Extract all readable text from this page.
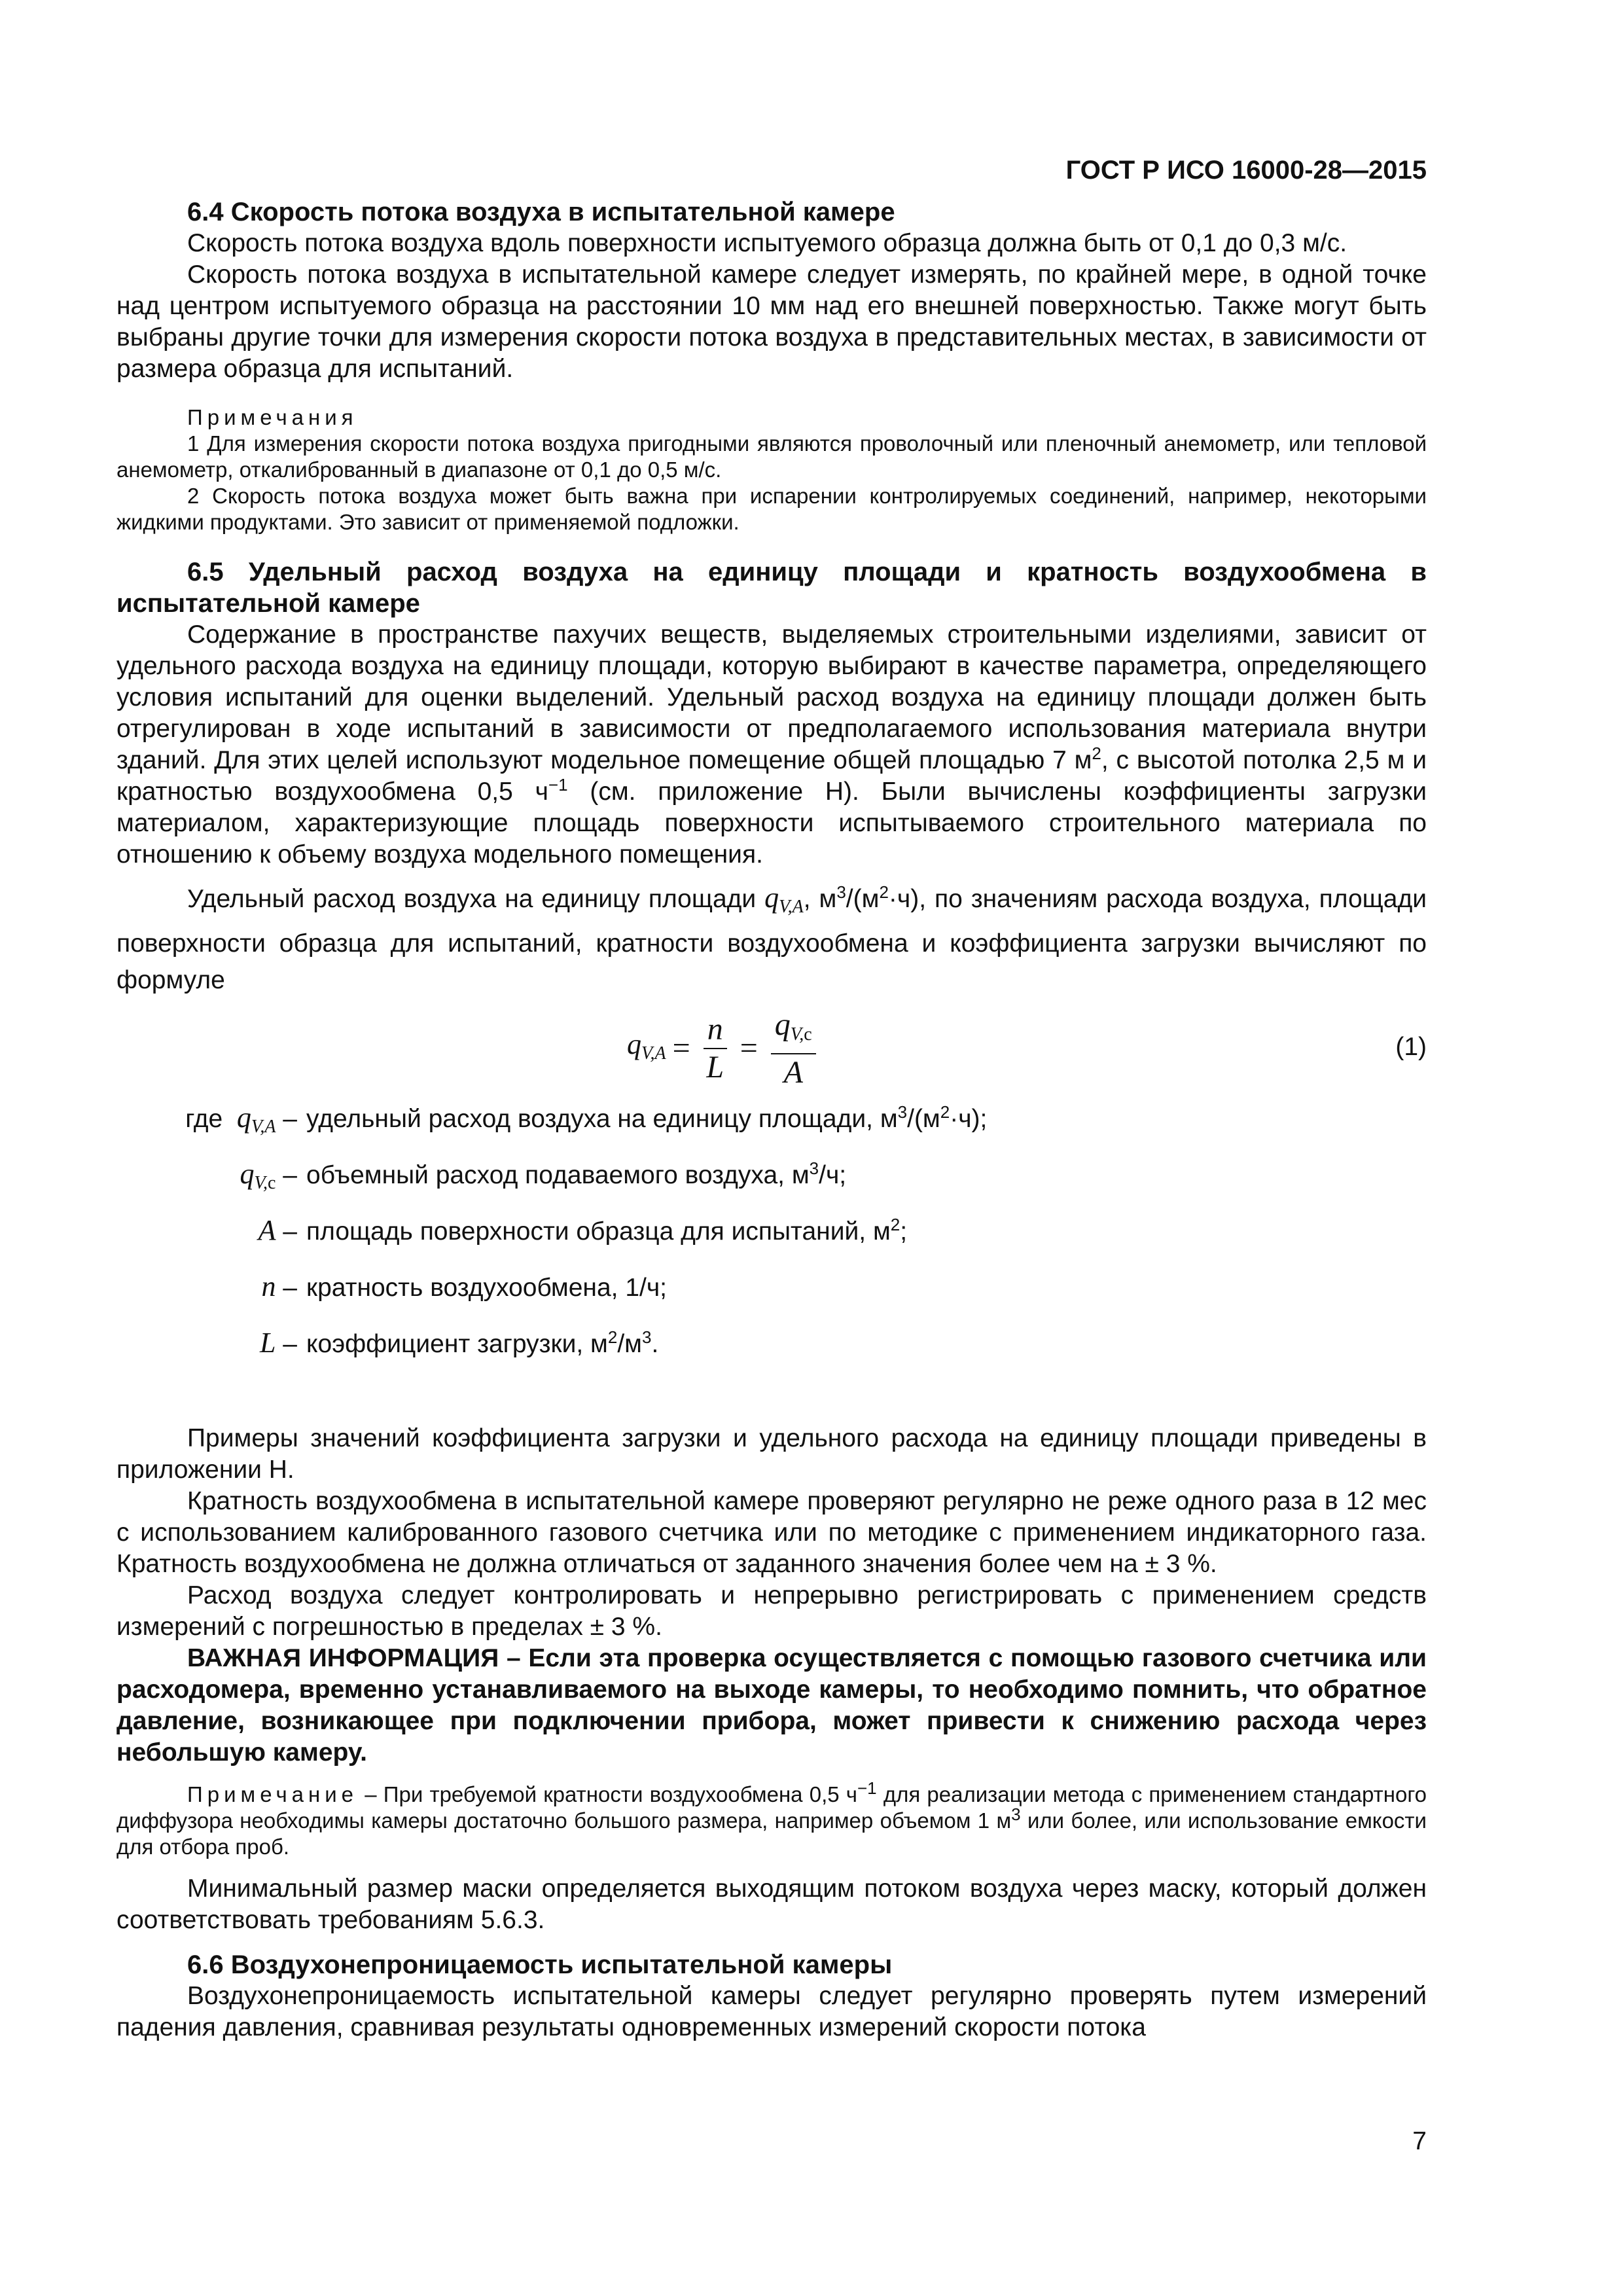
ГОСТ Р ИСО 16000-28—2015
6.4 Скорость потока воздуха в испытательной камере

Скорость потока воздуха вдоль поверхности испытуемого образца должна быть от 0,1 до 0,3 м/с.

Скорость потока воздуха в испытательной камере следует измерять, по крайней мере, в одной точке над центром испытуемого образца на расстоянии 10 мм над его внешней поверхностью. Также могут быть выбраны другие точки для измерения скорости потока воздуха в представительных местах, в зависимости от размера образца для испытаний.

Примечания
1 Для измерения скорости потока воздуха пригодными являются проволочный или пленочный анемометр, или тепловой анемометр, откалиброванный в диапазоне от 0,1 до 0,5 м/с.
2 Скорость потока воздуха может быть важна при испарении контролируемых соединений, например, некоторыми жидкими продуктами. Это зависит от применяемой подложки.
6.5 Удельный расход воздуха на единицу площади и кратность воздухообмена в испытательной камере

Содержание в пространстве пахучих веществ, выделяемых строительными изделиями, зависит от удельного расхода воздуха на единицу площади, которую выбирают в качестве параметра, определяющего условия испытаний для оценки выделений. Удельный расход воздуха на единицу площади должен быть отрегулирован в ходе испытаний в зависимости от предполагаемого использования материала внутри зданий. Для этих целей используют модельное помещение общей площадью 7 $м^2$, с высотой потолка 2,5 м и кратностью воздухообмена 0,5 $ч^{-1}$ (см. приложение Н). Были вычислены коэффициенты загрузки материалом, характеризующие площадь поверхности испытываемого строительного материала по отношению к объему воздуха модельного помещения.

Удельный расход воздуха на единицу площади $q_{V,A}$, $м^3/(м^2\cdot ч)$, по значениям расхода воздуха, площади поверхности образца для испытаний, кратности воздухообмена и коэффициента загрузки вычисляют по формуле

$q_{V,A} = \frac{n}{L} = \frac{q_{V,}c}{A}$	(1)
где $q_{V,A}$ – удельный расход воздуха на единицу площади, $м^3/(м^2\cdot ч)$;
$q_{V,c}$ – объемный расход подаваемого воздуха, $м^3/ч$;
A – площадь поверхности образца для испытаний, $м^2$;
n – кратность воздухообмена, 1/ч;
L – коэффициент загрузки, $м^2/м^3$.

Примеры значений коэффициента загрузки и удельного расхода на единицу площади приведены в приложении Н.

Кратность воздухообмена в испытательной камере проверяют регулярно не реже одного раза в 12 мес с использованием калиброванного газового счетчика или по методике с применением индикаторного газа. Кратность воздухообмена не должна отличаться от заданного значения более чем на ± 3 %.

Расход воздуха следует контролировать и непрерывно регистрировать с применением средств измерений с погрешностью в пределах ± 3 %.

ВАЖНАЯ ИНФОРМАЦИЯ – Если эта проверка осуществляется с помощью газового счетчика или расходомера, временно устанавливаемого на выходе камеры, то необходимо помнить, что обратное давление, возникающее при подключении прибора, может привести к снижению расхода через небольшую камеру.

Примечание – При требуемой кратности воздухообмена 0,5 $ч^{-1}$ для реализации метода с применением стандартного диффузора необходимы камеры достаточно большого размера, например объемом 1 $м^3$ или более, или использование емкости для отбора проб.

Минимальный размер маски определяется выходящим потоком воздуха через маску, который должен соответствовать требованиям 5.6.3.

6.6 Воздухонепроницаемость испытательной камеры

Воздухонепроницаемость испытательной камеры следует регулярно проверять путем измерений падения давления, сравнивая результаты одновременных измерений скорости потока

7
